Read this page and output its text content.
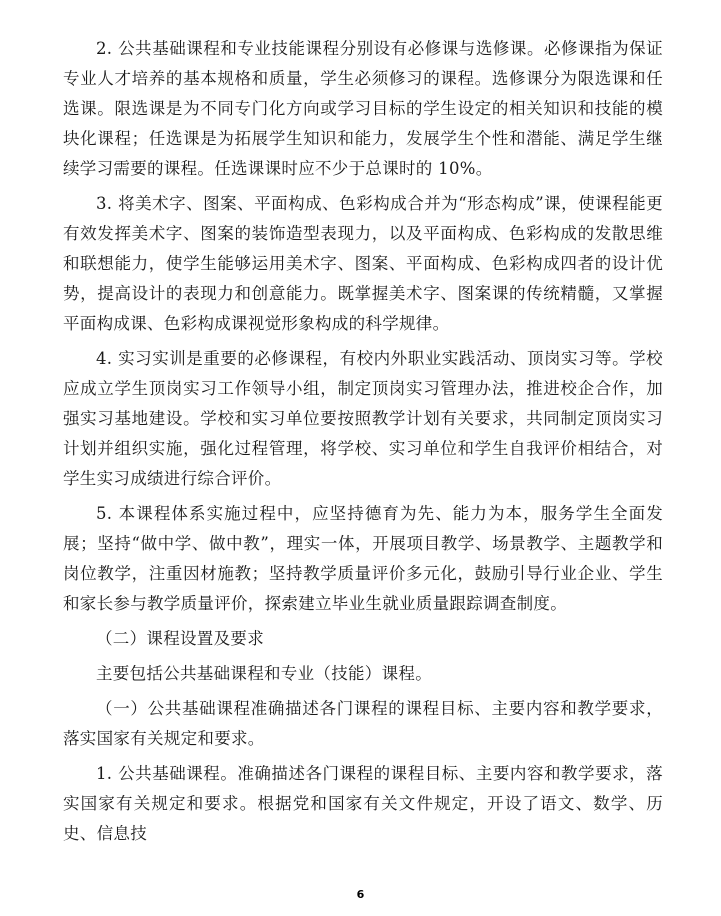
2. 公共基础课程和专业技能课程分别设有必修课与选修课。必修课指为保证专业人才培养的基本规格和质量，学生必须修习的课程。选修课分为限选课和任选课。限选课是为不同专门化方向或学习目标的学生设定的相关知识和技能的模块化课程；任选课是为拓展学生知识和能力，发展学生个性和潜能、满足学生继续学习需要的课程。任选课课时应不少于总课时的 10%。

3. 将美术字、图案、平面构成、色彩构成合并为“形态构成”课，使课程能更有效发挥美术字、图案的装饰造型表现力，以及平面构成、色彩构成的发散思维和联想能力，使学生能够运用美术字、图案、平面构成、色彩构成四者的设计优势，提高设计的表现力和创意能力。既掌握美术字、图案课的传统精髓，又掌握平面构成课、色彩构成课视觉形象构成的科学规律。

4. 实习实训是重要的必修课程，有校内外职业实践活动、顶岗实习等。学校应成立学生顶岗实习工作领导小组，制定顶岗实习管理办法，推进校企合作，加强实习基地建设。学校和实习单位要按照教学计划有关要求，共同制定顶岗实习计划并组织实施，强化过程管理，将学校、实习单位和学生自我评价相结合，对学生实习成绩进行综合评价。

5. 本课程体系实施过程中，应坚持德育为先、能力为本，服务学生全面发展；坚持“做中学、做中教”，理实一体，开展项目教学、场景教学、主题教学和岗位教学，注重因材施教；坚持教学质量评价多元化，鼓励引导行业企业、学生和家长参与教学质量评价，探索建立毕业生就业质量跟踪调查制度。

（二）课程设置及要求

主要包括公共基础课程和专业（技能）课程。

（一）公共基础课程准确描述各门课程的课程目标、主要内容和教学要求，落实国家有关规定和要求。

1. 公共基础课程。准确描述各门课程的课程目标、主要内容和教学要求，落实国家有关规定和要求。根据党和国家有关文件规定，开设了语文、数学、历史、信息技

6
